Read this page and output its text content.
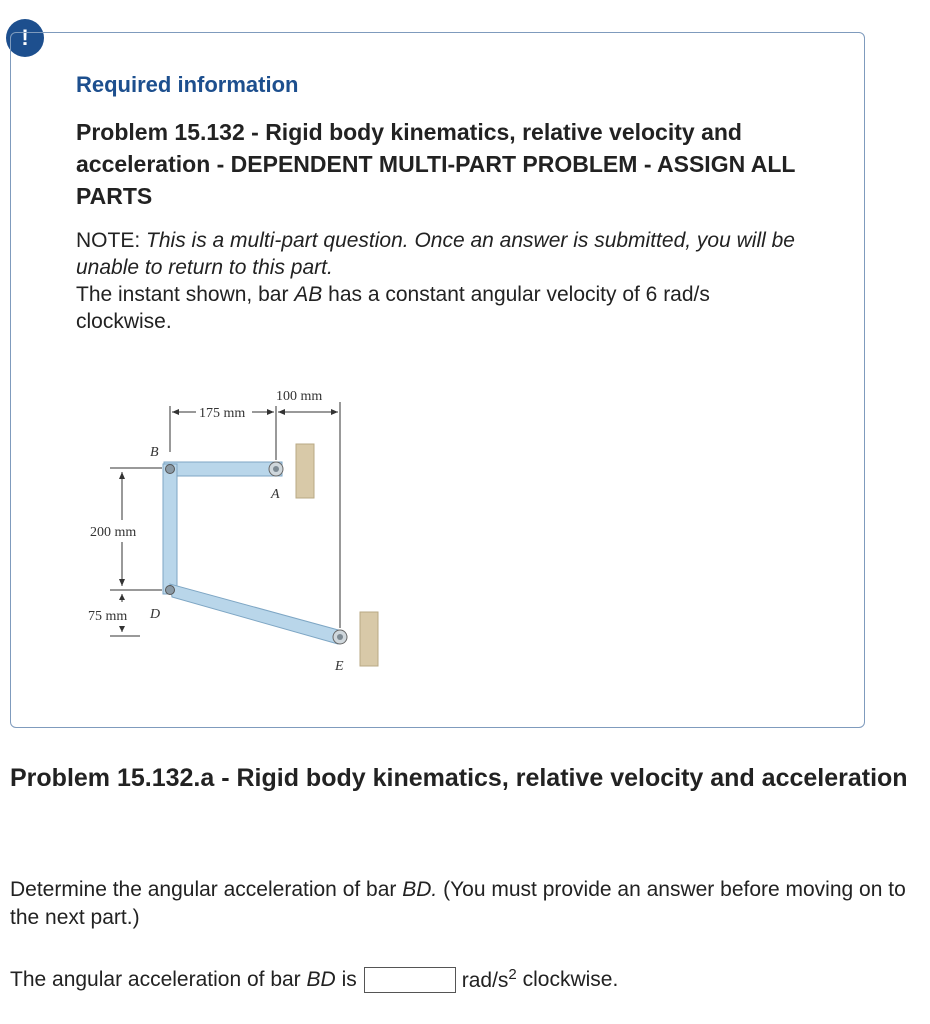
!
Required information
Problem 15.132 - Rigid body kinematics, relative velocity and acceleration - DEPENDENT MULTI-PART PROBLEM - ASSIGN ALL PARTS
NOTE: This is a multi-part question. Once an answer is submitted, you will be unable to return to this part.
The instant shown, bar AB has a constant angular velocity of 6 rad/s clockwise.
175 mm
100 mm
200 mm
75 mm
B
A
D
E
Problem 15.132.a - Rigid body kinematics, relative velocity and acceleration
Determine the angular acceleration of bar BD. (You must provide an answer before moving on to the next part.)
The angular acceleration of bar
BD
is	rad/$s^2$
clockwise.
